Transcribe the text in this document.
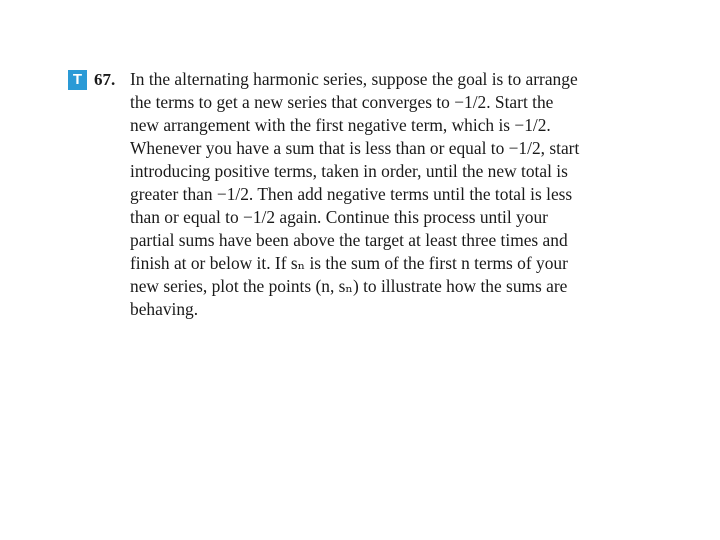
T 67. In the alternating harmonic series, suppose the goal is to arrange
the terms to get a new series that converges to −1/2. Start the
new arrangement with the first negative term, which is −1/2.
Whenever you have a sum that is less than or equal to −1/2, start
introducing positive terms, taken in order, until the new total is
greater than −1/2. Then add negative terms until the total is less
than or equal to −1/2 again. Continue this process until your
partial sums have been above the target at least three times and
finish at or below it. If sₙ is the sum of the first n terms of your
new series, plot the points (n, sₙ) to illustrate how the sums are
behaving.
